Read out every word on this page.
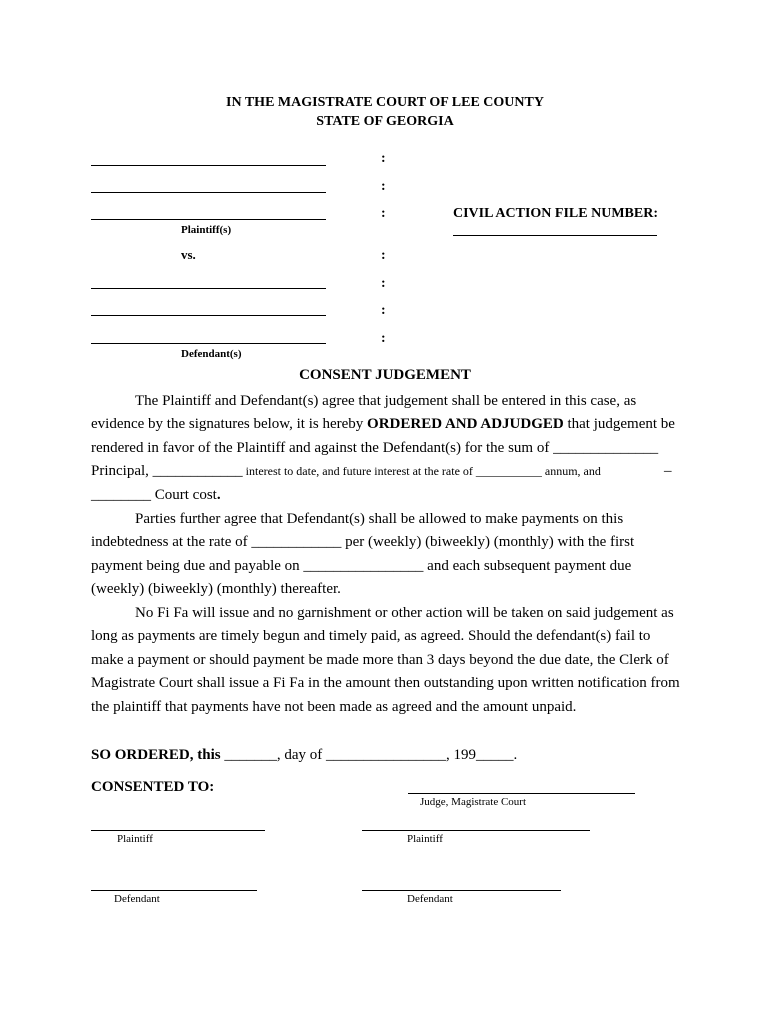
IN THE MAGISTRATE COURT OF LEE COUNTY
STATE OF GEORGIA
Plaintiff(s)
vs.
Defendant(s)
:
:
:
:
:
:
:
CIVIL ACTION FILE NUMBER:
CONSENT JUDGEMENT
The Plaintiff and Defendant(s) agree that judgement shall be entered in this case, as
evidence by the signatures below, it is hereby ORDERED AND ADJUDGED that judgement be
rendered in favor of the Plaintiff and against the Defendant(s) for the sum of ______________
Principal, ____________ interest to date, and future interest at the rate of ___________ annum, and	_
________ Court cost.
Parties further agree that Defendant(s) shall be allowed to make payments on this
indebtedness at the rate of ____________ per (weekly) (biweekly) (monthly) with the first
payment being due and payable on ________________ and each subsequent payment due
(weekly) (biweekly) (monthly) thereafter.
No Fi Fa will issue and no garnishment or other action will be taken on said judgement as
long as payments are timely begun and timely paid, as agreed. Should the defendant(s) fail to
make a payment or should payment be made more than 3 days beyond the due date, the Clerk of
Magistrate Court shall issue a Fi Fa in the amount then outstanding upon written notification from
the plaintiff that payments have not been made as agreed and the amount unpaid.
SO ORDERED, this _______, day of ________________, 199_____.
CONSENTED TO:
Judge, Magistrate Court
Plaintiff	Plaintiff
Defendant	Defendant
